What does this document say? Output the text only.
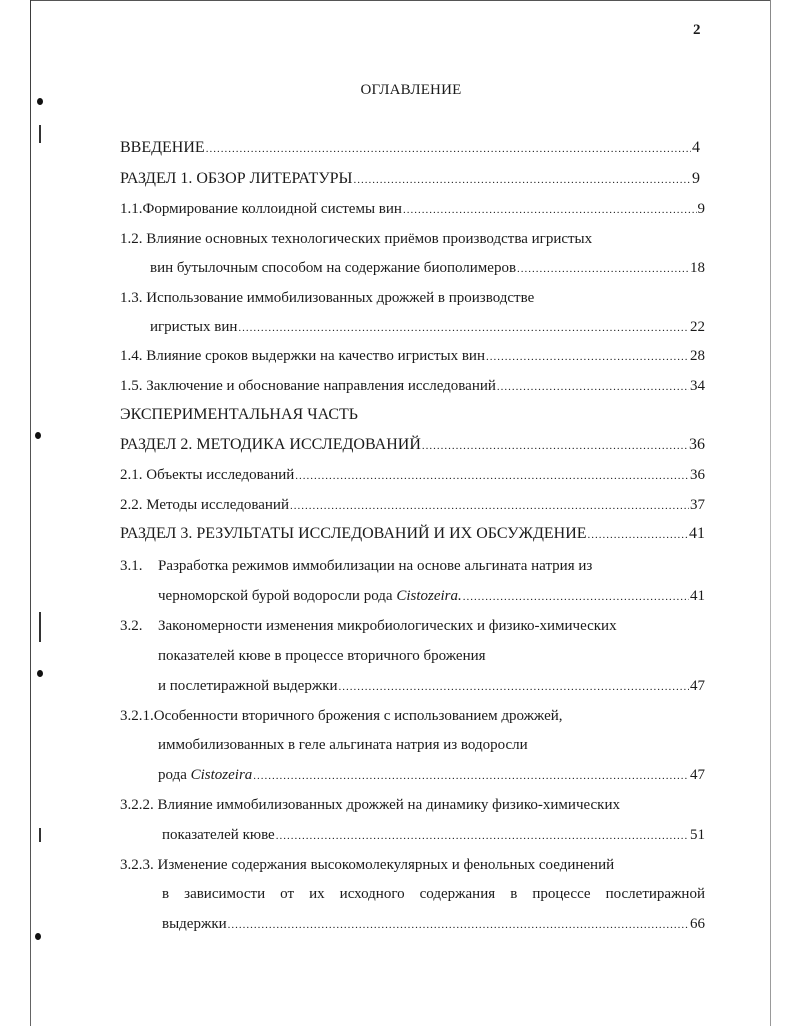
2
ОГЛАВЛЕНИЕ
ВВЕДЕНИЕ .....	4
РАЗДЕЛ 1. ОБЗОР ЛИТЕРАТУРЫ .....	9
1.1.Формирование коллоидной системы вин .....	9
1.2. Влияние основных технологических приёмов производства игристых
вин бутылочным способом на содержание биополимеров .....	18
1.3. Использование иммобилизованных дрожжей в производстве
игристых вин .....	22
1.4. Влияние сроков выдержки на качество игристых вин .....	28
1.5. Заключение и обоснование направления исследований .....	34
ЭКСПЕРИМЕНТАЛЬНАЯ ЧАСТЬ
РАЗДЕЛ 2. МЕТОДИКА ИССЛЕДОВАНИЙ .....	36
2.1. Объекты исследований .....	36
2.2. Методы исследований .....	37
РАЗДЕЛ 3. РЕЗУЛЬТАТЫ ИССЛЕДОВАНИЙ И ИХ ОБСУЖДЕНИЕ .....	41
3.1. Разработка режимов иммобилизации на основе альгината натрия из
черноморской бурой водоросли рода Cistozeira. .....	41
3.2. Закономерности изменения микробиологических и физико-химических
показателей кюве в процессе вторичного брожения
и послетиражной выдержки .....	47
3.2.1.Особенности вторичного брожения с использованием дрожжей,
иммобилизованных в геле альгината натрия из водоросли
рода Cistozeira .....	47
3.2.2. Влияние иммобилизованных дрожжей на динамику физико-химических
показателей кюве .....	51
3.2.3. Изменение содержания высокомолекулярных и фенольных соединений
в зависимости от их исходного содержания в процессе послетиражной
выдержки .....	66
